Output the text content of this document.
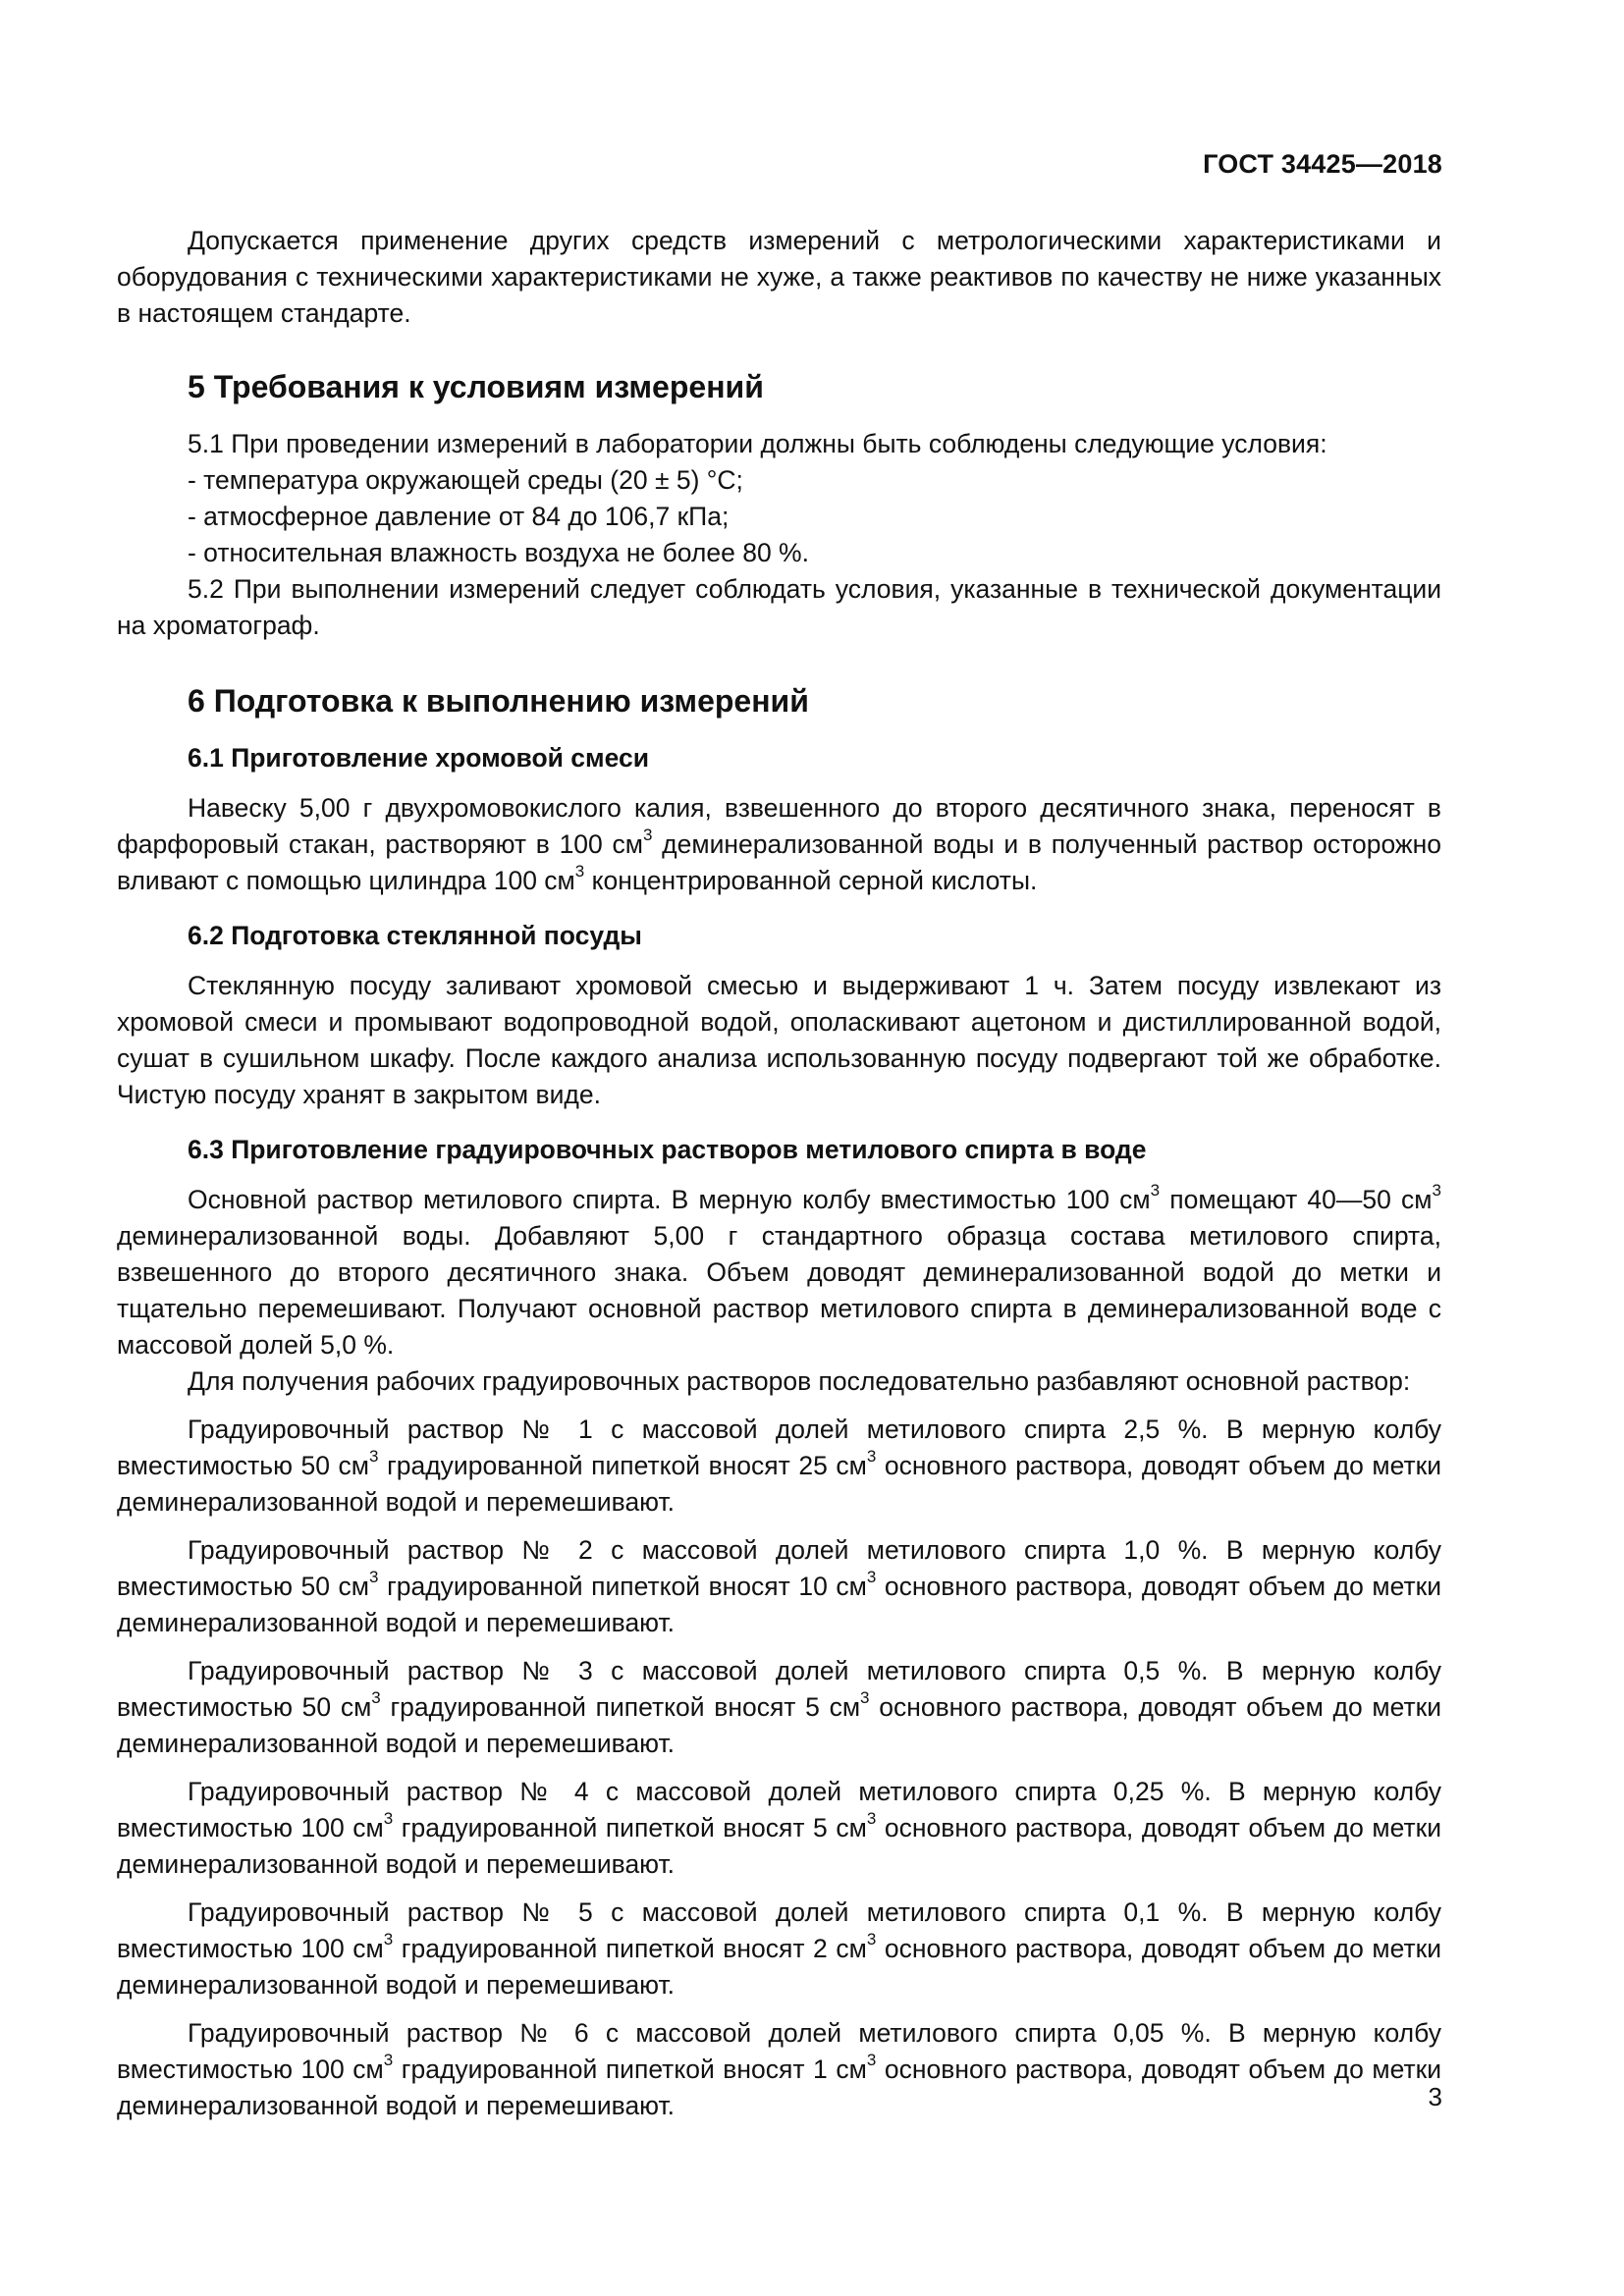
ГОСТ 34425—2018

Допускается применение других средств измерений с метрологическими характеристиками и оборудования с техническими характеристиками не хуже, а также реактивов по качеству не ниже указанных в настоящем стандарте.

5 Требования к условиям измерений

5.1 При проведении измерений в лаборатории должны быть соблюдены следующие условия:

- температура окружающей среды (20 ± 5) °С;
- атмосферное давление от 84 до 106,7 кПа;
- относительная влажность воздуха не более 80 %.

5.2 При выполнении измерений следует соблюдать условия, указанные в технической документации на хроматограф.

6 Подготовка к выполнению измерений
6.1 Приготовление хромовой смеси

Навеску 5,00 г двухромовокислого калия, взвешенного до второго десятичного знака, переносят в фарфоровый стакан, растворяют в 100 $см^3$ деминерализованной воды и в полученный раствор осторожно вливают с помощью цилиндра 100 $см^3$ концентрированной серной кислоты.

6.2 Подготовка стеклянной посуды

Стеклянную посуду заливают хромовой смесью и выдерживают 1 ч. Затем посуду извлекают из хромовой смеси и промывают водопроводной водой, ополаскивают ацетоном и дистиллированной водой, сушат в сушильном шкафу. После каждого анализа использованную посуду подвергают той же обработке. Чистую посуду хранят в закрытом виде.

6.3 Приготовление градуировочных растворов метилового спирта в воде

Основной раствор метилового спирта. В мерную колбу вместимостью 100 $см^3$ помещают 40—50 $см^3$ деминерализованной воды. Добавляют 5,00 г стандартного образца состава метилового спирта, взвешенного до второго десятичного знака. Объем доводят деминерализованной водой до метки и тщательно перемешивают. Получают основной раствор метилового спирта в деминерализованной воде с массовой долей 5,0 %.

Для получения рабочих градуировочных растворов последовательно разбавляют основной раствор:

Градуировочный раствор № 1 с массовой долей метилового спирта 2,5 %. В мерную колбу вместимостью 50 $см^3$ градуированной пипеткой вносят 25 $см^3$ основного раствора, доводят объем до метки деминерализованной водой и перемешивают.

Градуировочный раствор № 2 с массовой долей метилового спирта 1,0 %. В мерную колбу вместимостью 50 $см^3$ градуированной пипеткой вносят 10 $см^3$ основного раствора, доводят объем до метки деминерализованной водой и перемешивают.

Градуировочный раствор № 3 с массовой долей метилового спирта 0,5 %. В мерную колбу вместимостью 50 $см^3$ градуированной пипеткой вносят 5 $см^3$ основного раствора, доводят объем до метки деминерализованной водой и перемешивают.

Градуировочный раствор № 4 с массовой долей метилового спирта 0,25 %. В мерную колбу вместимостью 100 $см^3$ градуированной пипеткой вносят 5 $см^3$ основного раствора, доводят объем до метки деминерализованной водой и перемешивают.

Градуировочный раствор № 5 с массовой долей метилового спирта 0,1 %. В мерную колбу вместимостью 100 $см^3$ градуированной пипеткой вносят 2 $см^3$ основного раствора, доводят объем до метки деминерализованной водой и перемешивают.

Градуировочный раствор № 6 с массовой долей метилового спирта 0,05 %. В мерную колбу вместимостью 100 $см^3$ градуированной пипеткой вносят 1 $см^3$ основного раствора, доводят объем до метки деминерализованной водой и перемешивают.	3
